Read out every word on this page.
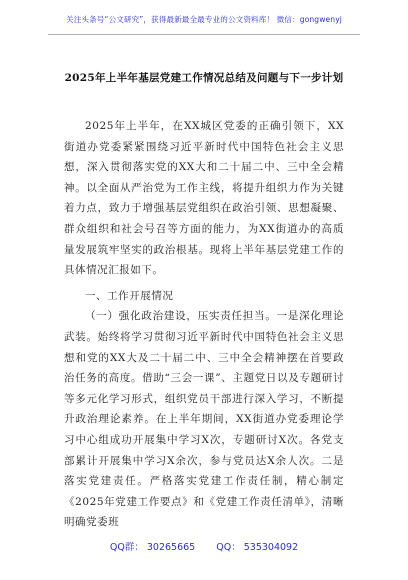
关注头条号“公文研究”，获得最新最全最专业的公文资料库！ 微信：gongwenyj
2025年上半年基层党建工作情况总结及问题与下一步计划

2025年上半年，在XX城区党委的正确引领下，XX街道办党委紧紧围绕习近平新时代中国特色社会主义思想，深入贯彻落实党的XX大和二十届二中、三中全会精神。以全面从严治党为工作主线，将提升组织力作为关键着力点，致力于增强基层党组织在政治引领、思想凝聚、群众组织和社会号召等方面的能力，为XX街道办的高质量发展筑牢坚实的政治根基。现将上半年基层党建工作的具体情况汇报如下。

一、工作开展情况

（一）强化政治建设，压实责任担当。一是深化理论武装。始终将学习贯彻习近平新时代中国特色社会主义思想和党的XX大及二十届二中、三中全会精神摆在首要政治任务的高度。借助“三会一课”、主题党日以及专题研讨等多元化学习形式，组织党员干部进行深入学习，不断提升政治理论素养。在上半年期间，XX街道办党委理论学习中心组成功开展集中学习X次，专题研讨X次。各党支部累计开展集中学习X余次，参与党员达X余人次。二是落实党建责任。严格落实党建工作责任制，精心制定《2025年党建工作要点》和《党建工作责任清单》，清晰明确党委班

QQ群： 30265665 QQ： 535304092
